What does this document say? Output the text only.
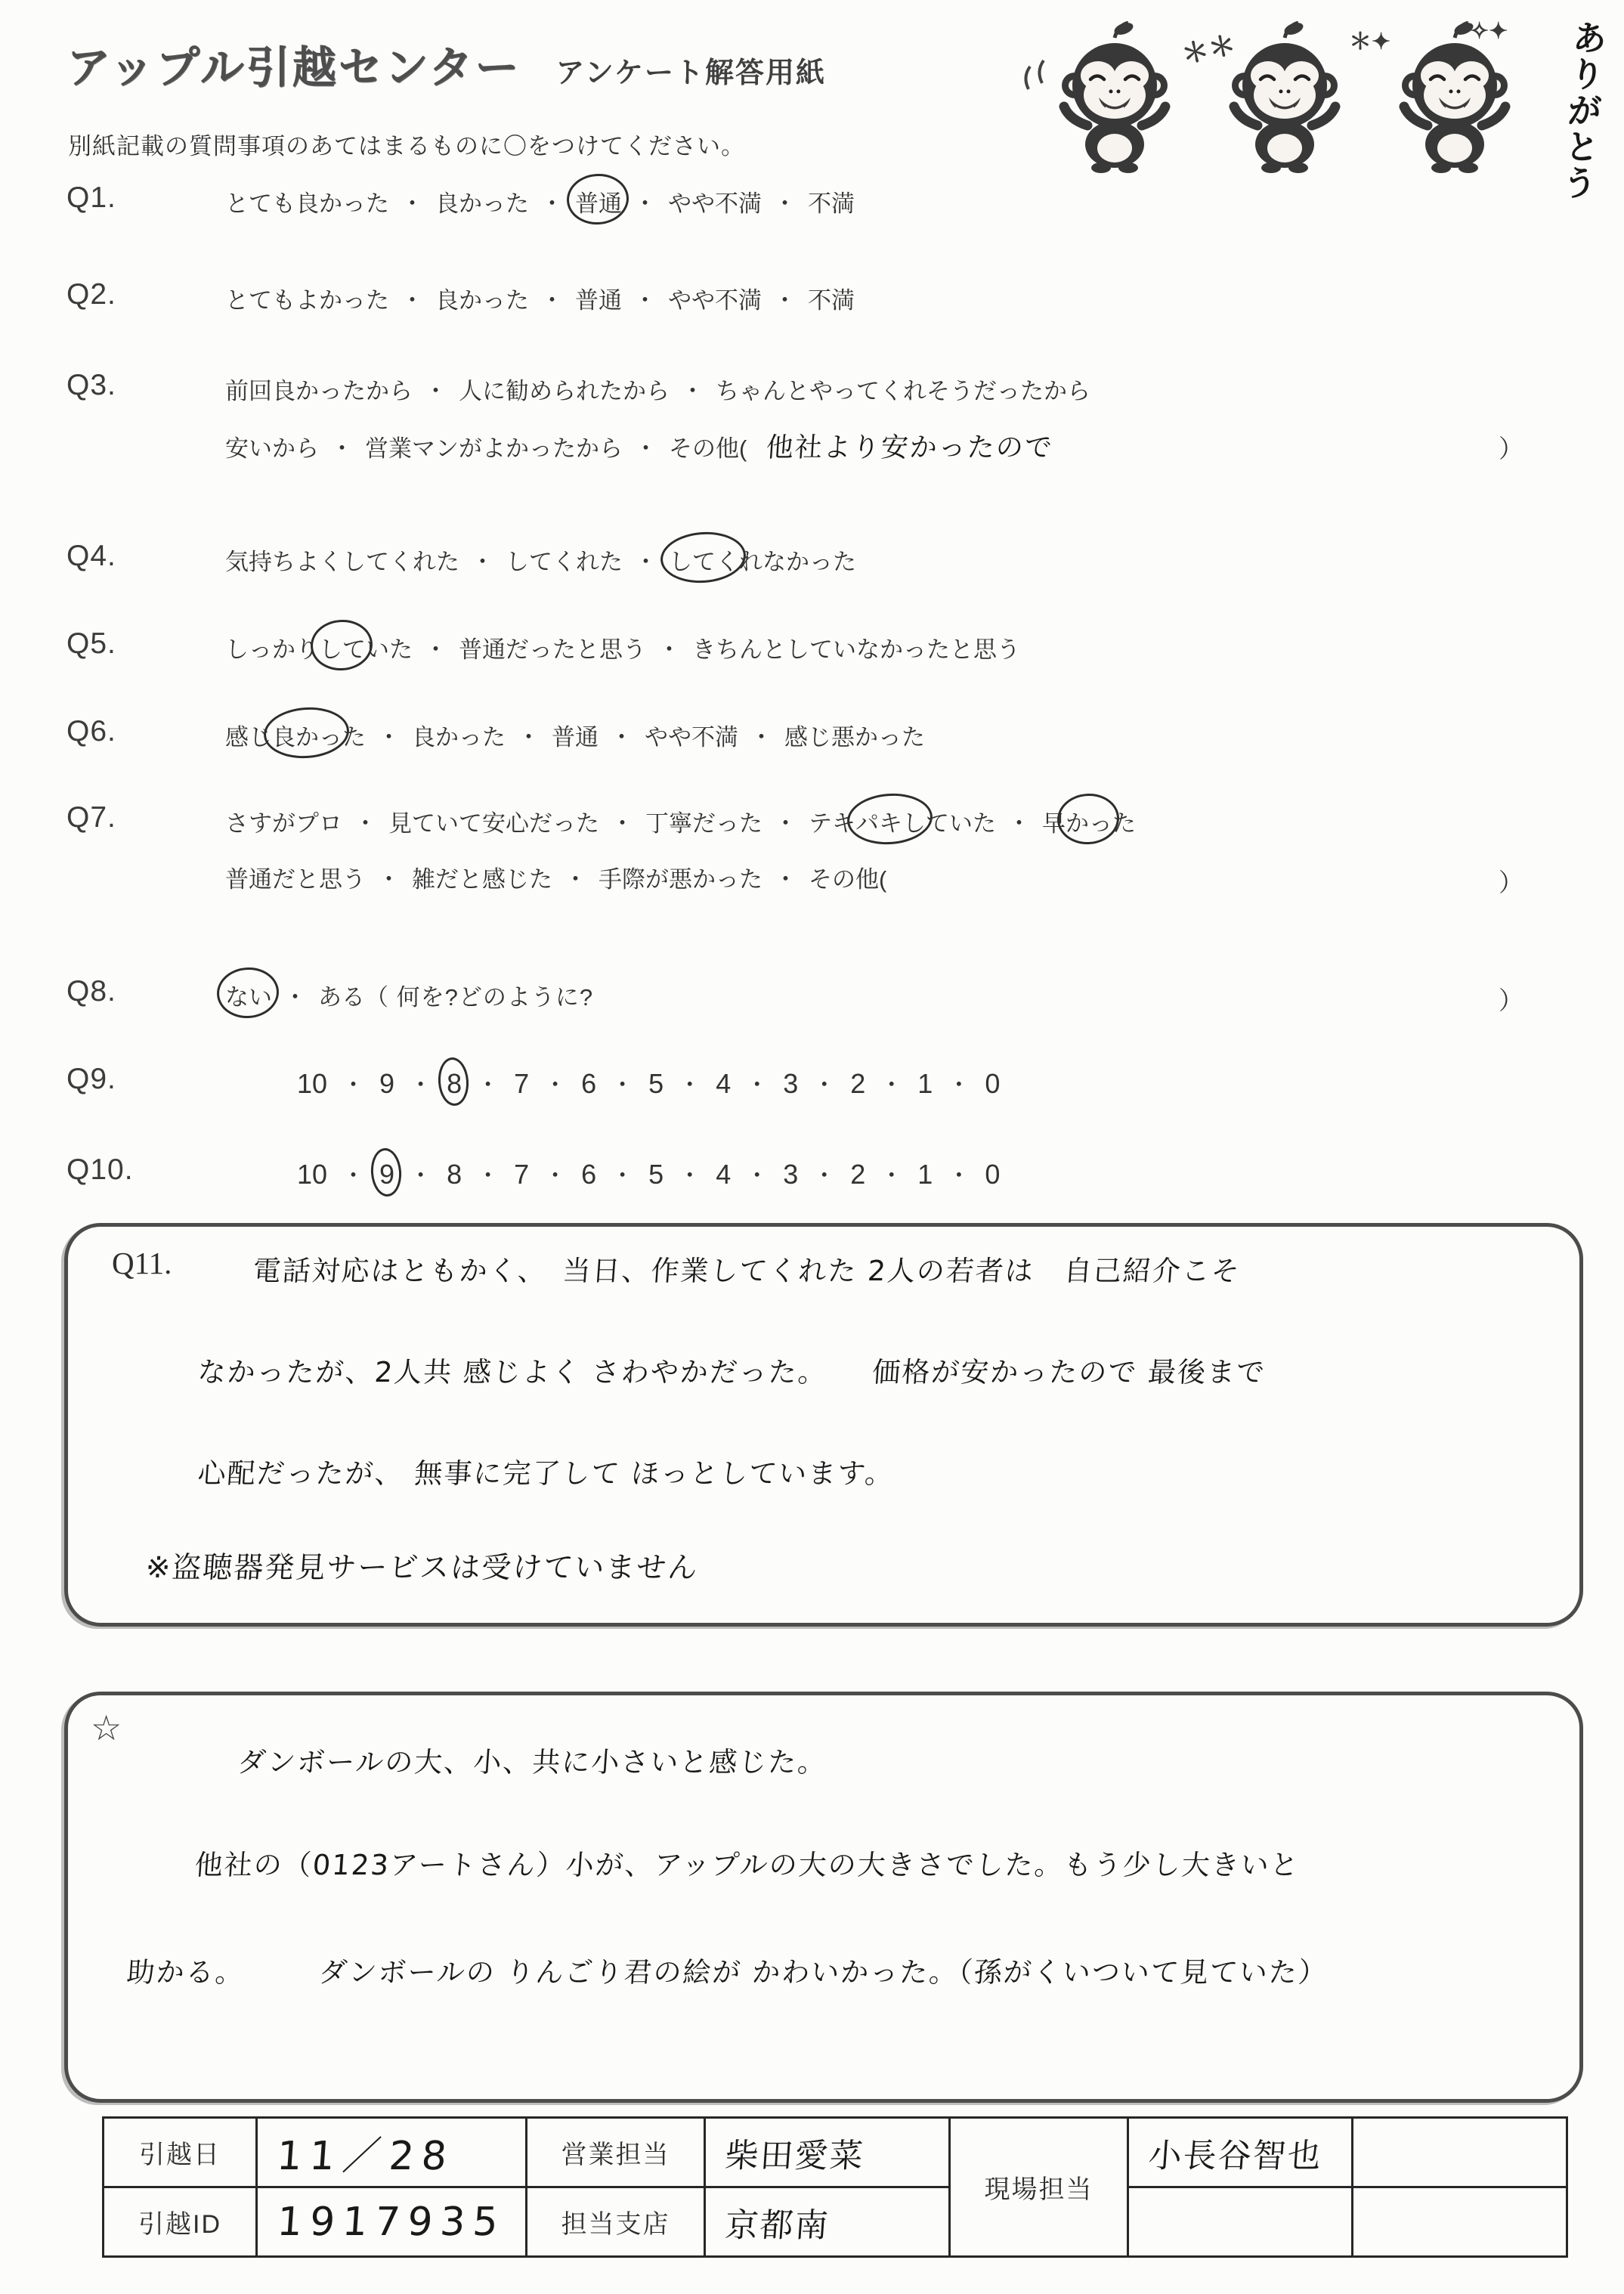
アップル引越センター アンケート解答用紙
別紙記載の質問事項のあてはまるものに〇をつけてください。
＊＊	＊✦	✧✦ ありがとう
Q1.	とても良かった ・ 良かった ・ 普通 ・ やや不満 ・ 不満
Q2.	とてもよかった ・ 良かった ・ 普通 ・ やや不満 ・ 不満
Q3.	前回良かったから ・ 人に勧められたから ・ ちゃんとやってくれそうだったから
安いから ・ 営業マンがよかったから ・ その他( 他社より安かったので	）
Q4.	気持ちよくしてくれた ・ してくれた ・ してくれなかった
Q5.	しっかりしていた ・ 普通だったと思う ・ きちんとしていなかったと思う
Q6.	感じ良かった ・ 良かった ・ 普通 ・ やや不満 ・ 感じ悪かった
Q7.	さすがプロ ・ 見ていて安心だった ・ 丁寧だった ・ テキパキしていた ・ 早かった
普通だと思う ・ 雑だと感じた ・ 手際が悪かった ・ その他(	）
Q8.	ない ・ ある（ 何を?どのように?	）
Q9.	10 ・ 9 ・ 8 ・ 7 ・ 6 ・ 5 ・ 4 ・ 3 ・ 2 ・ 1 ・ 0
Q10.	10 ・ 9 ・ 8 ・ 7 ・ 6 ・ 5 ・ 4 ・ 3 ・ 2 ・ 1 ・ 0
Q11.	電話対応はともかく、　当日、作業してくれた 2人の若者は　自己紹介こそ
なかったが、2人共 感じよく さわやかだった。　　価格が安かったので 最後まで
心配だったが、 無事に完了して ほっとしています。
※盗聴器発見サービスは受けていません
☆
ダンボールの大、小、共に小さいと感じた。
他社の（0123アートさん）小が、アップルの大の大きさでした。もう少し大きいと
助かる。　　　ダンボールの りんごり君の絵が かわいかった。（孫がくいついて見ていた）
引越日	11／28	営業担当	柴田愛菜	現場担当	小長谷智也	
引越ID	1917935	担当支店	京都南			
